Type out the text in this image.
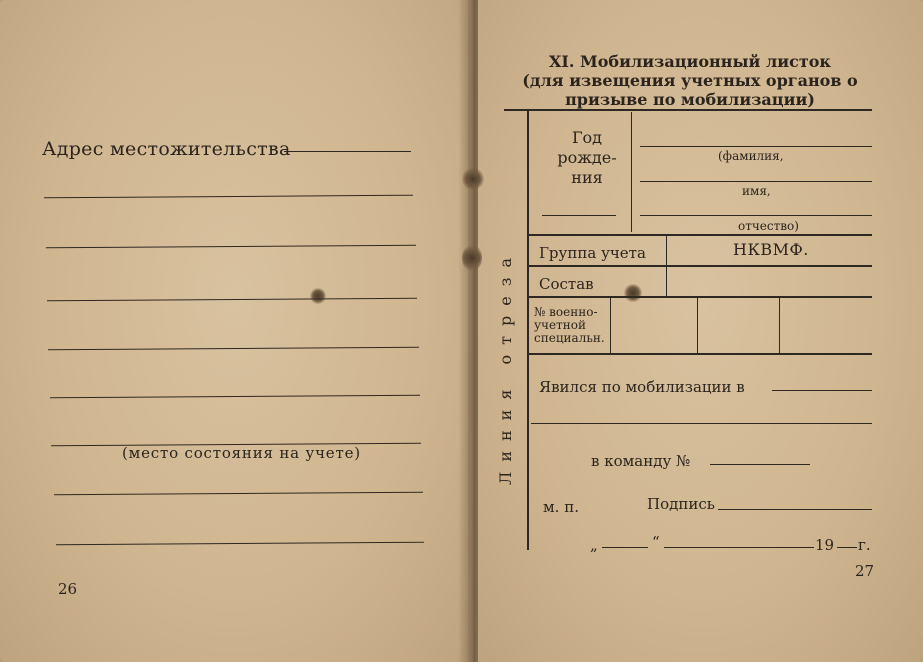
Адрес местожительства
(место состояния на учете)
26
XI. Мобилизационный листок
(для извещения учетных органов о
призыве по мобилизации)
Линия отреза
Год
рожде-
ния
(фамилия,
имя,
отчество)
Группа учета	НКВМФ.
Состав
№ военно-
учетной
специальн.
Явился по мобилизации в
в команду №
м. п.	Подпись
„	“	19 г.
27
